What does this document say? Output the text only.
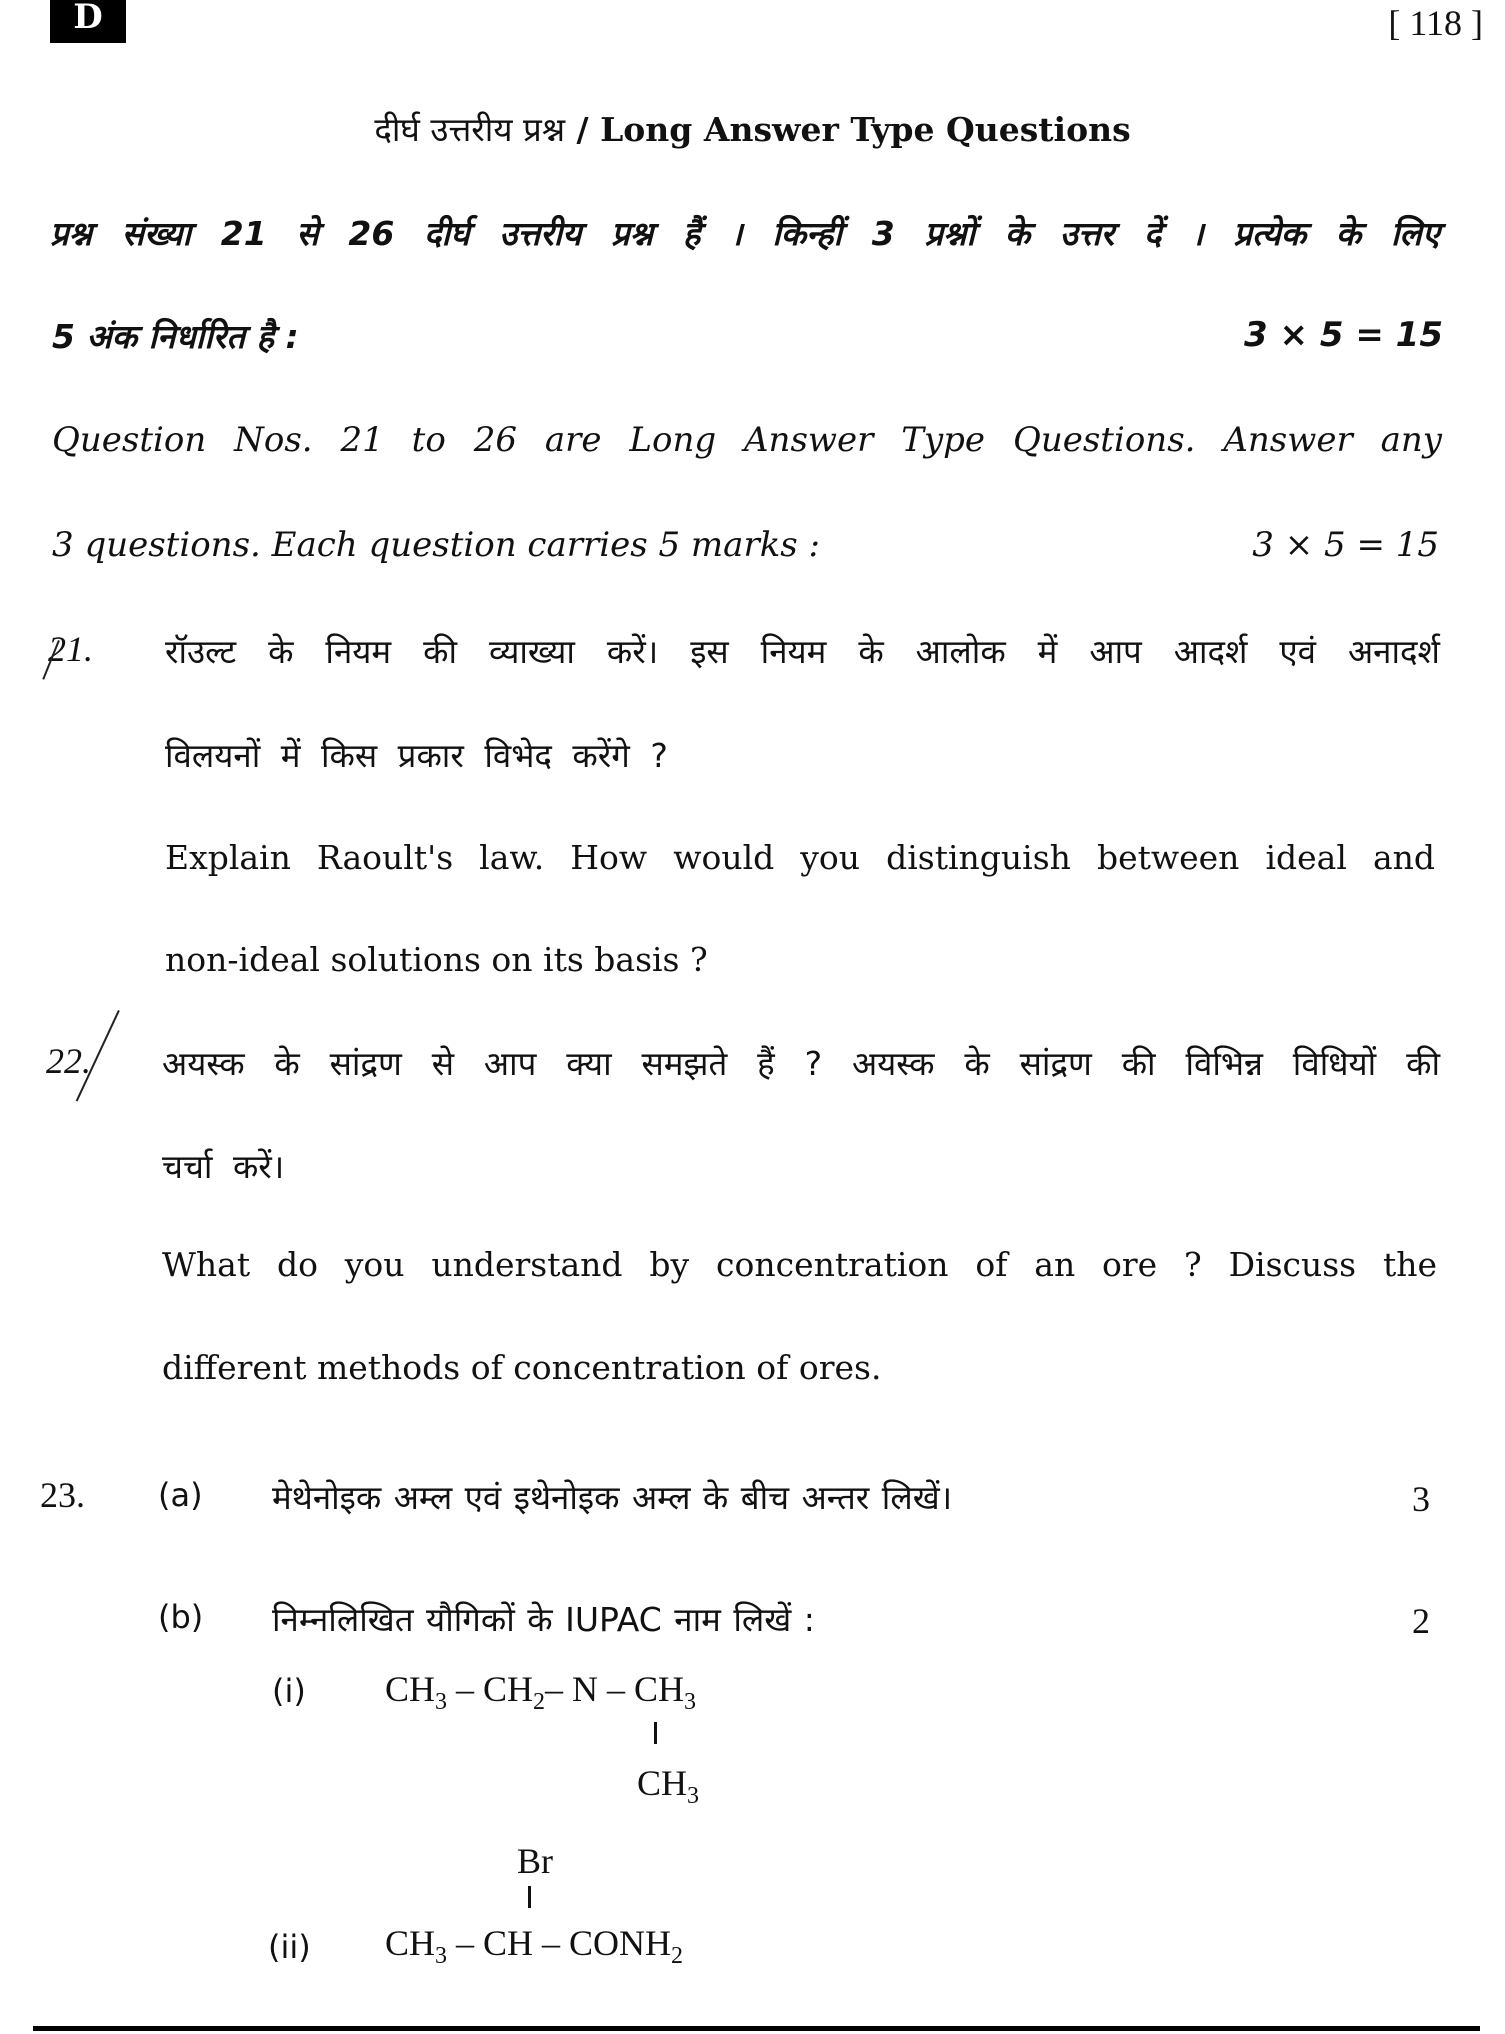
D	[ 118 ]
दीर्घ उत्तरीय प्रश्न / Long Answer Type Questions
प्रश्न संख्या 21 से 26 दीर्घ उत्तरीय प्रश्न हैं । किन्हीं 3 प्रश्नों के उत्तर दें । प्रत्येक के लिए
5 अंक निर्धारित है :	3 × 5 = 15
Question Nos. 21 to 26 are Long Answer Type Questions. Answer any
3 questions. Each question carries 5 marks :	3 × 5 = 15
21. रॉउल्ट के नियम की व्याख्या करें। इस नियम के आलोक में आप आदर्श एवं अनादर्श
विलयनों में किस प्रकार विभेद करेंगे ?
Explain Raoult's law. How would you distinguish between ideal and
non-ideal solutions on its basis ?
22. अयस्क के सांद्रण से आप क्या समझते हैं ? अयस्क के सांद्रण की विभिन्न विधियों की
चर्चा करें।
What do you understand by concentration of an ore ? Discuss the
different methods of concentration of ores.
23. (a) मेथेनोइक अम्ल एवं इथेनोइक अम्ल के बीच अन्तर लिखें।	3
(b) निम्नलिखित यौगिकों के IUPAC नाम लिखें :	2
(i) $CH_3 - CH_2-$ N – $CH_3$
$CH_3$
Br
(ii) $CH_3$ – CH – $CONH_2$
